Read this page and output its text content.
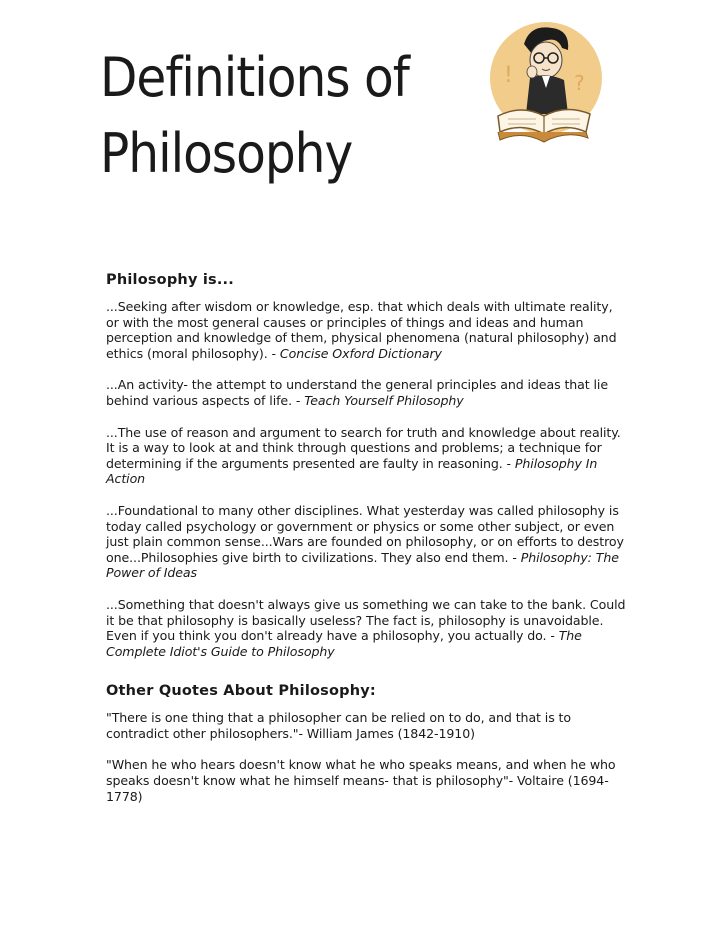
Definitions of
Philosophy
!	?
Philosophy is...

...Seeking after wisdom or knowledge, esp. that which deals with ultimate reality, or with the most general causes or principles of things and ideas and human perception and knowledge of them, physical phenomena (natural philosophy) and ethics (moral philosophy). - Concise Oxford Dictionary

...An activity- the attempt to understand the general principles and ideas that lie behind various aspects of life. - Teach Yourself Philosophy

...The use of reason and argument to search for truth and knowledge about reality. It is a way to look at and think through questions and problems; a technique for determining if the arguments presented are faulty in reasoning. - Philosophy In Action

...Foundational to many other disciplines. What yesterday was called philosophy is today called psychology or government or physics or some other subject, or even just plain common sense...Wars are founded on philosophy, or on efforts to destroy one...Philosophies give birth to civilizations. They also end them. - Philosophy: The Power of Ideas

...Something that doesn't always give us something we can take to the bank. Could it be that philosophy is basically useless? The fact is, philosophy is unavoidable. Even if you think you don't already have a philosophy, you actually do. - The Complete Idiot's Guide to Philosophy

Other Quotes About Philosophy:

"There is one thing that a philosopher can be relied on to do, and that is to contradict other philosophers."- William James (1842-1910)

"When he who hears doesn't know what he who speaks means, and when he who speaks doesn't know what he himself means- that is philosophy"- Voltaire (1694-1778)
